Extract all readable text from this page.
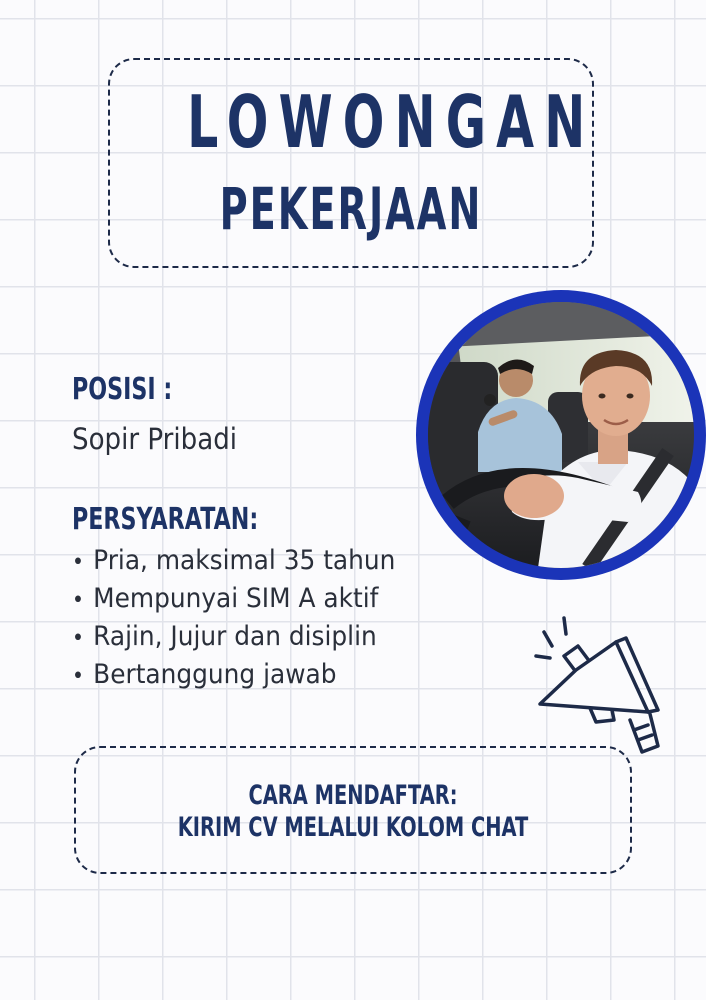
LOWONGAN
PEKERJAAN
POSISI :
Sopir Pribadi
PERSYARATAN:
• Pria, maksimal 35 tahun
• Mempunyai SIM A aktif
• Rajin, Jujur dan disiplin
• Bertanggung jawab
CARA MENDAFTAR:
KIRIM CV MELALUI KOLOM CHAT
